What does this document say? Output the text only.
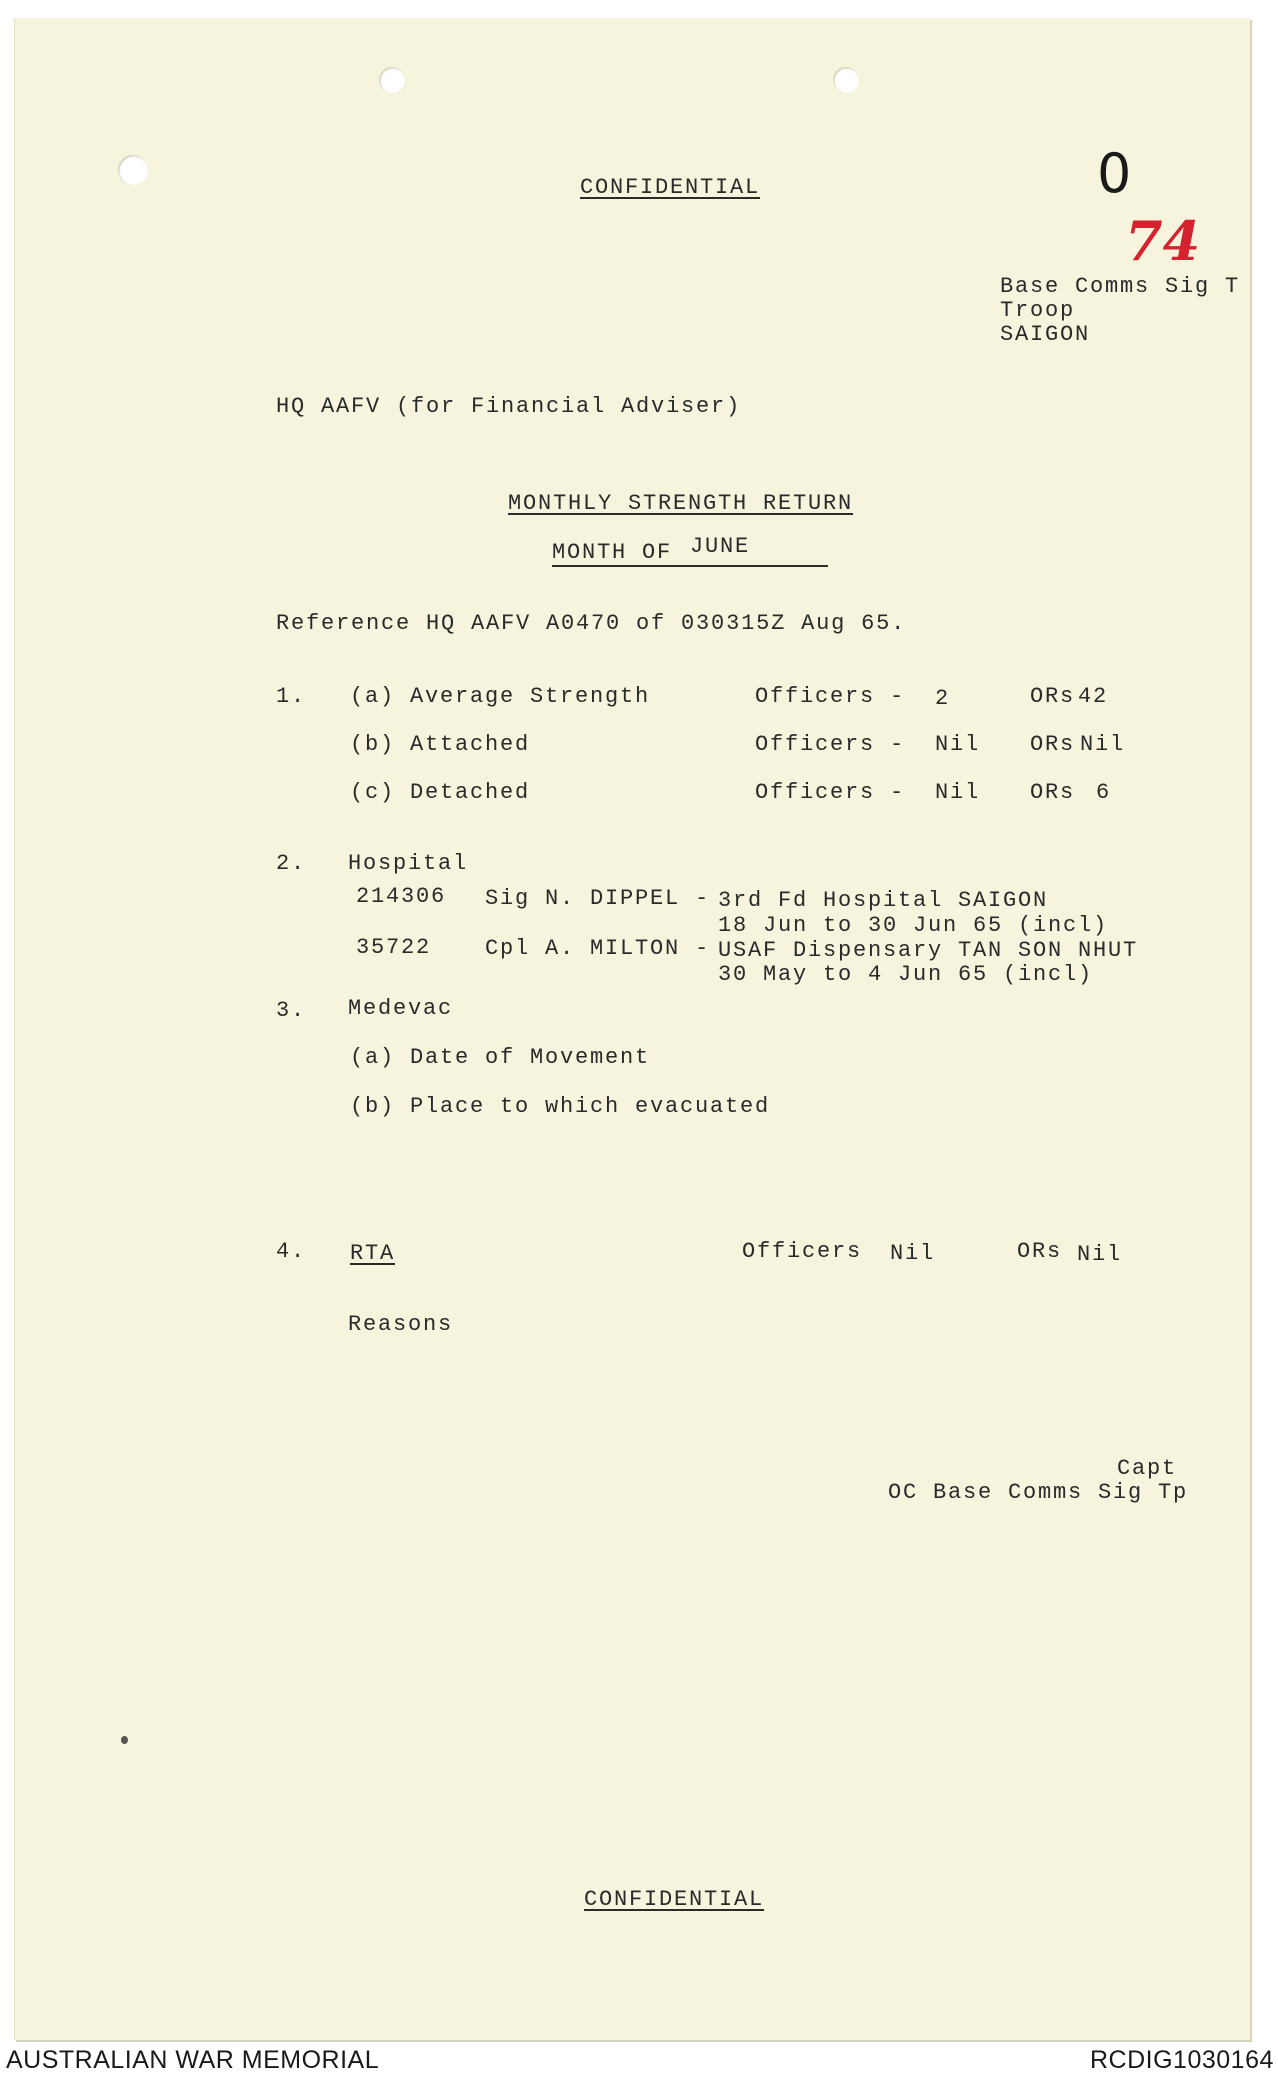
CONFIDENTIAL	0
74
Base Comms Sig T
Troop
SAIGON
HQ AAFV (for Financial Adviser)
MONTHLY STRENGTH RETURN
MONTH OF JUNE
Reference HQ AAFV A0470 of 030315Z Aug 65.
1. (a) Average Strength	Officers - 2	ORs 42
(b) Attached	Officers - Nil ORs Nil
(c) Detached	Officers - Nil ORs 6
2. Hospital
214306 Sig N. DIPPEL - 3rd Fd Hospital SAIGON
18 Jun to 30 Jun 65 (incl)
35722 Cpl A. MILTON - USAF Dispensary TAN SON NHUT
30 May to 4 Jun 65 (incl)
3. Medevac
(a) Date of Movement
(b) Place to which evacuated
4. RTA	Officers Nil	ORs Nil
Reasons
Capt
OC Base Comms Sig Tp
CONFIDENTIAL
AUSTRALIAN WAR MEMORIAL	RCDIG1030164
